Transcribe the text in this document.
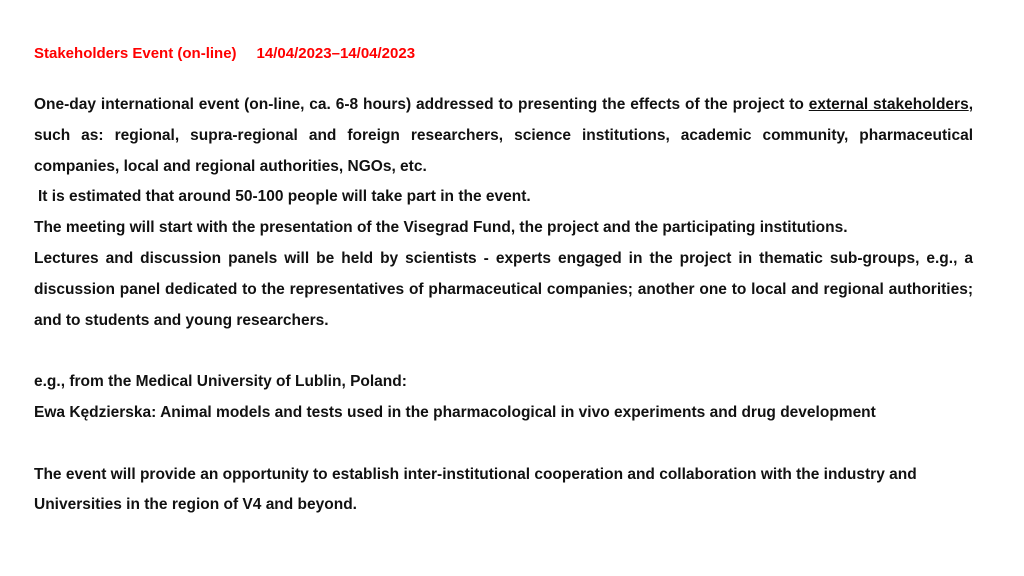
Stakeholders Event (on-line) 14/04/2023–14/04/2023

One-day international event (on-line, ca. 6-8 hours) addressed to presenting the effects of the project to external stakeholders, such as: regional, supra-regional and foreign researchers, science institutions, academic community, pharmaceutical companies, local and regional authorities, NGOs, etc.

It is estimated that around 50-100 people will take part in the event.

The meeting will start with the presentation of the Visegrad Fund, the project and the participating institutions.

Lectures and discussion panels will be held by scientists - experts engaged in the project in thematic sub-groups, e.g., a discussion panel dedicated to the representatives of pharmaceutical companies; another one to local and regional authorities; and to students and young researchers.

e.g., from the Medical University of Lublin, Poland:

Ewa Kędzierska: Animal models and tests used in the pharmacological in vivo experiments and drug development

The event will provide an opportunity to establish inter-institutional cooperation and collaboration with the industry and Universities in the region of V4 and beyond.
